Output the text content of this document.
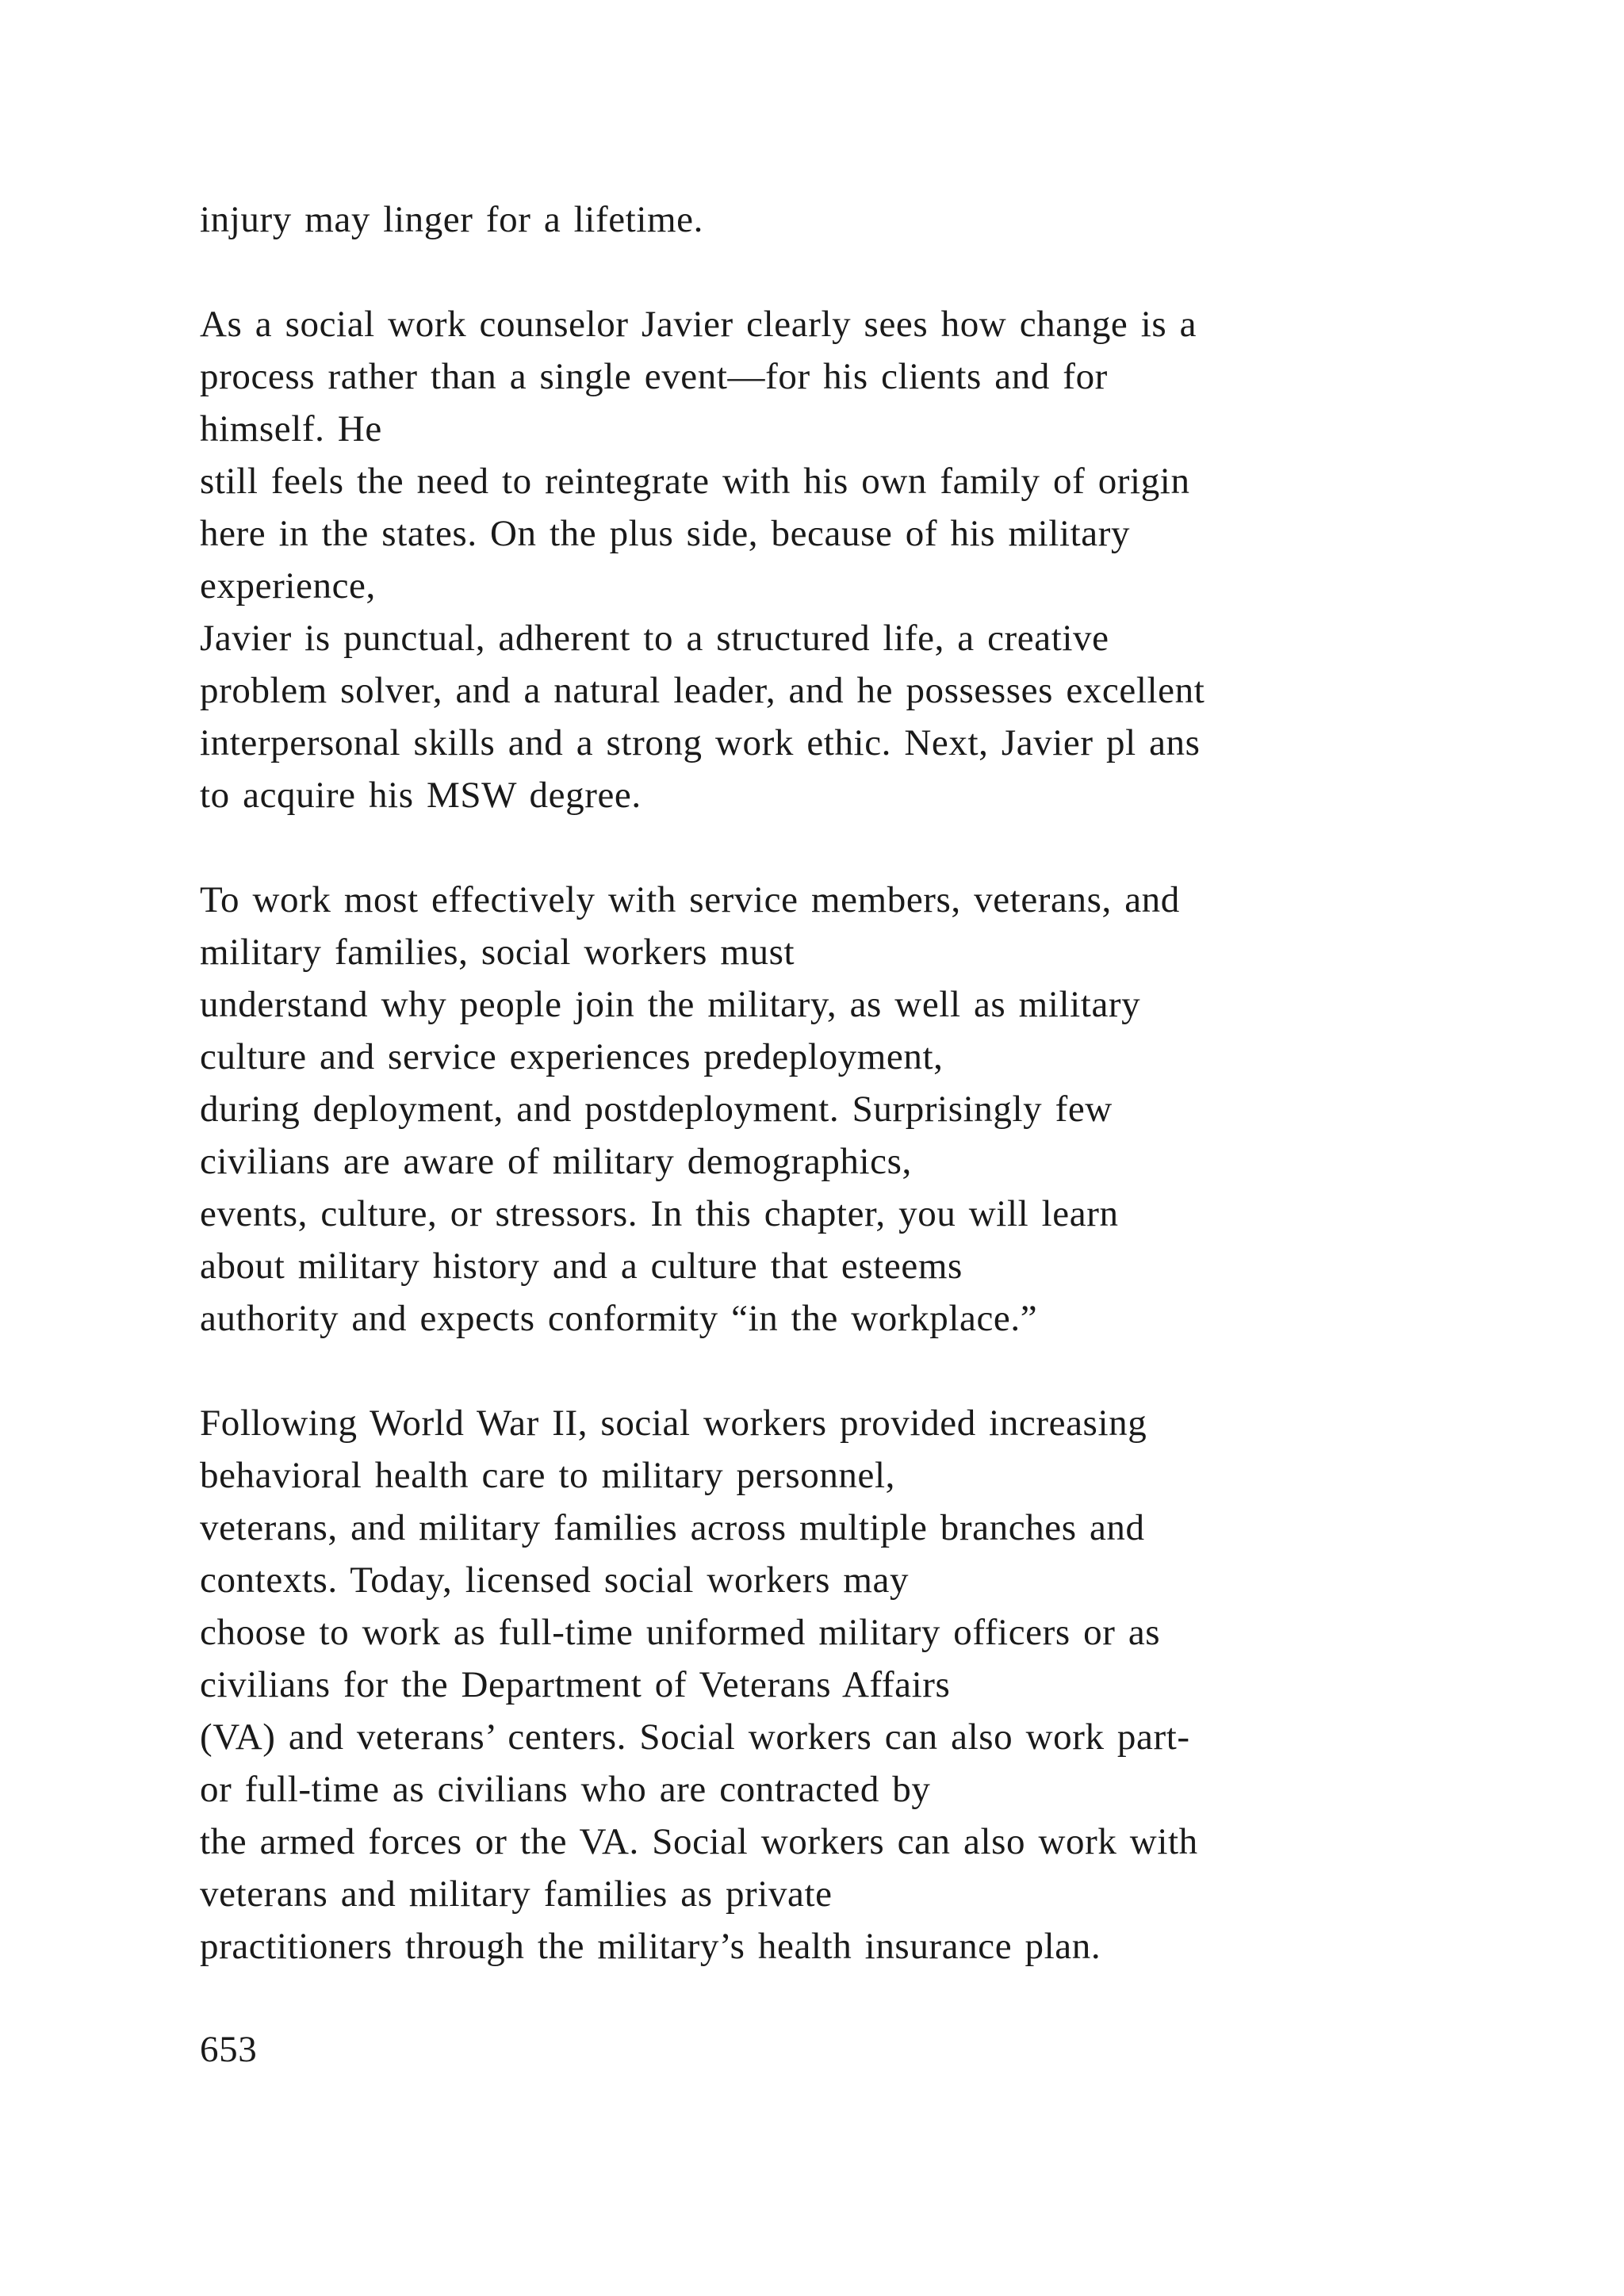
injury may linger for a lifetime.
As a social work counselor Javier clearly sees how change is a
process rather than a single event—for his clients and for
himself. He
still feels the need to reintegrate with his own family of origin
here in the states. On the plus side, because of his military
experience,
Javier is punctual, adherent to a structured life, a creative
problem solver, and a natural leader, and he possesses excellent
interpersonal skills and a strong work ethic. Next, Javier pl ans
to acquire his MSW degree.
To work most effectively with service members, veterans, and
military families, social workers must
understand why people join the military, as well as military
culture and service experiences predeployment,
during deployment, and postdeployment. Surprisingly few
civilians are aware of military demographics,
events, culture, or stressors. In this chapter, you will learn
about military history and a culture that esteems
authority and expects conformity “in the workplace.”
Following World War II, social workers provided increasing
behavioral health care to military personnel,
veterans, and military families across multiple branches and
contexts. Today, licensed social workers may
choose to work as full-time uniformed military officers or as
civilians for the Department of Veterans Affairs
(VA) and veterans’ centers. Social workers can also work part-
or full-time as civilians who are contracted by
the armed forces or the VA. Social workers can also work with
veterans and military families as private
practitioners through the military’s health insurance plan.
653
